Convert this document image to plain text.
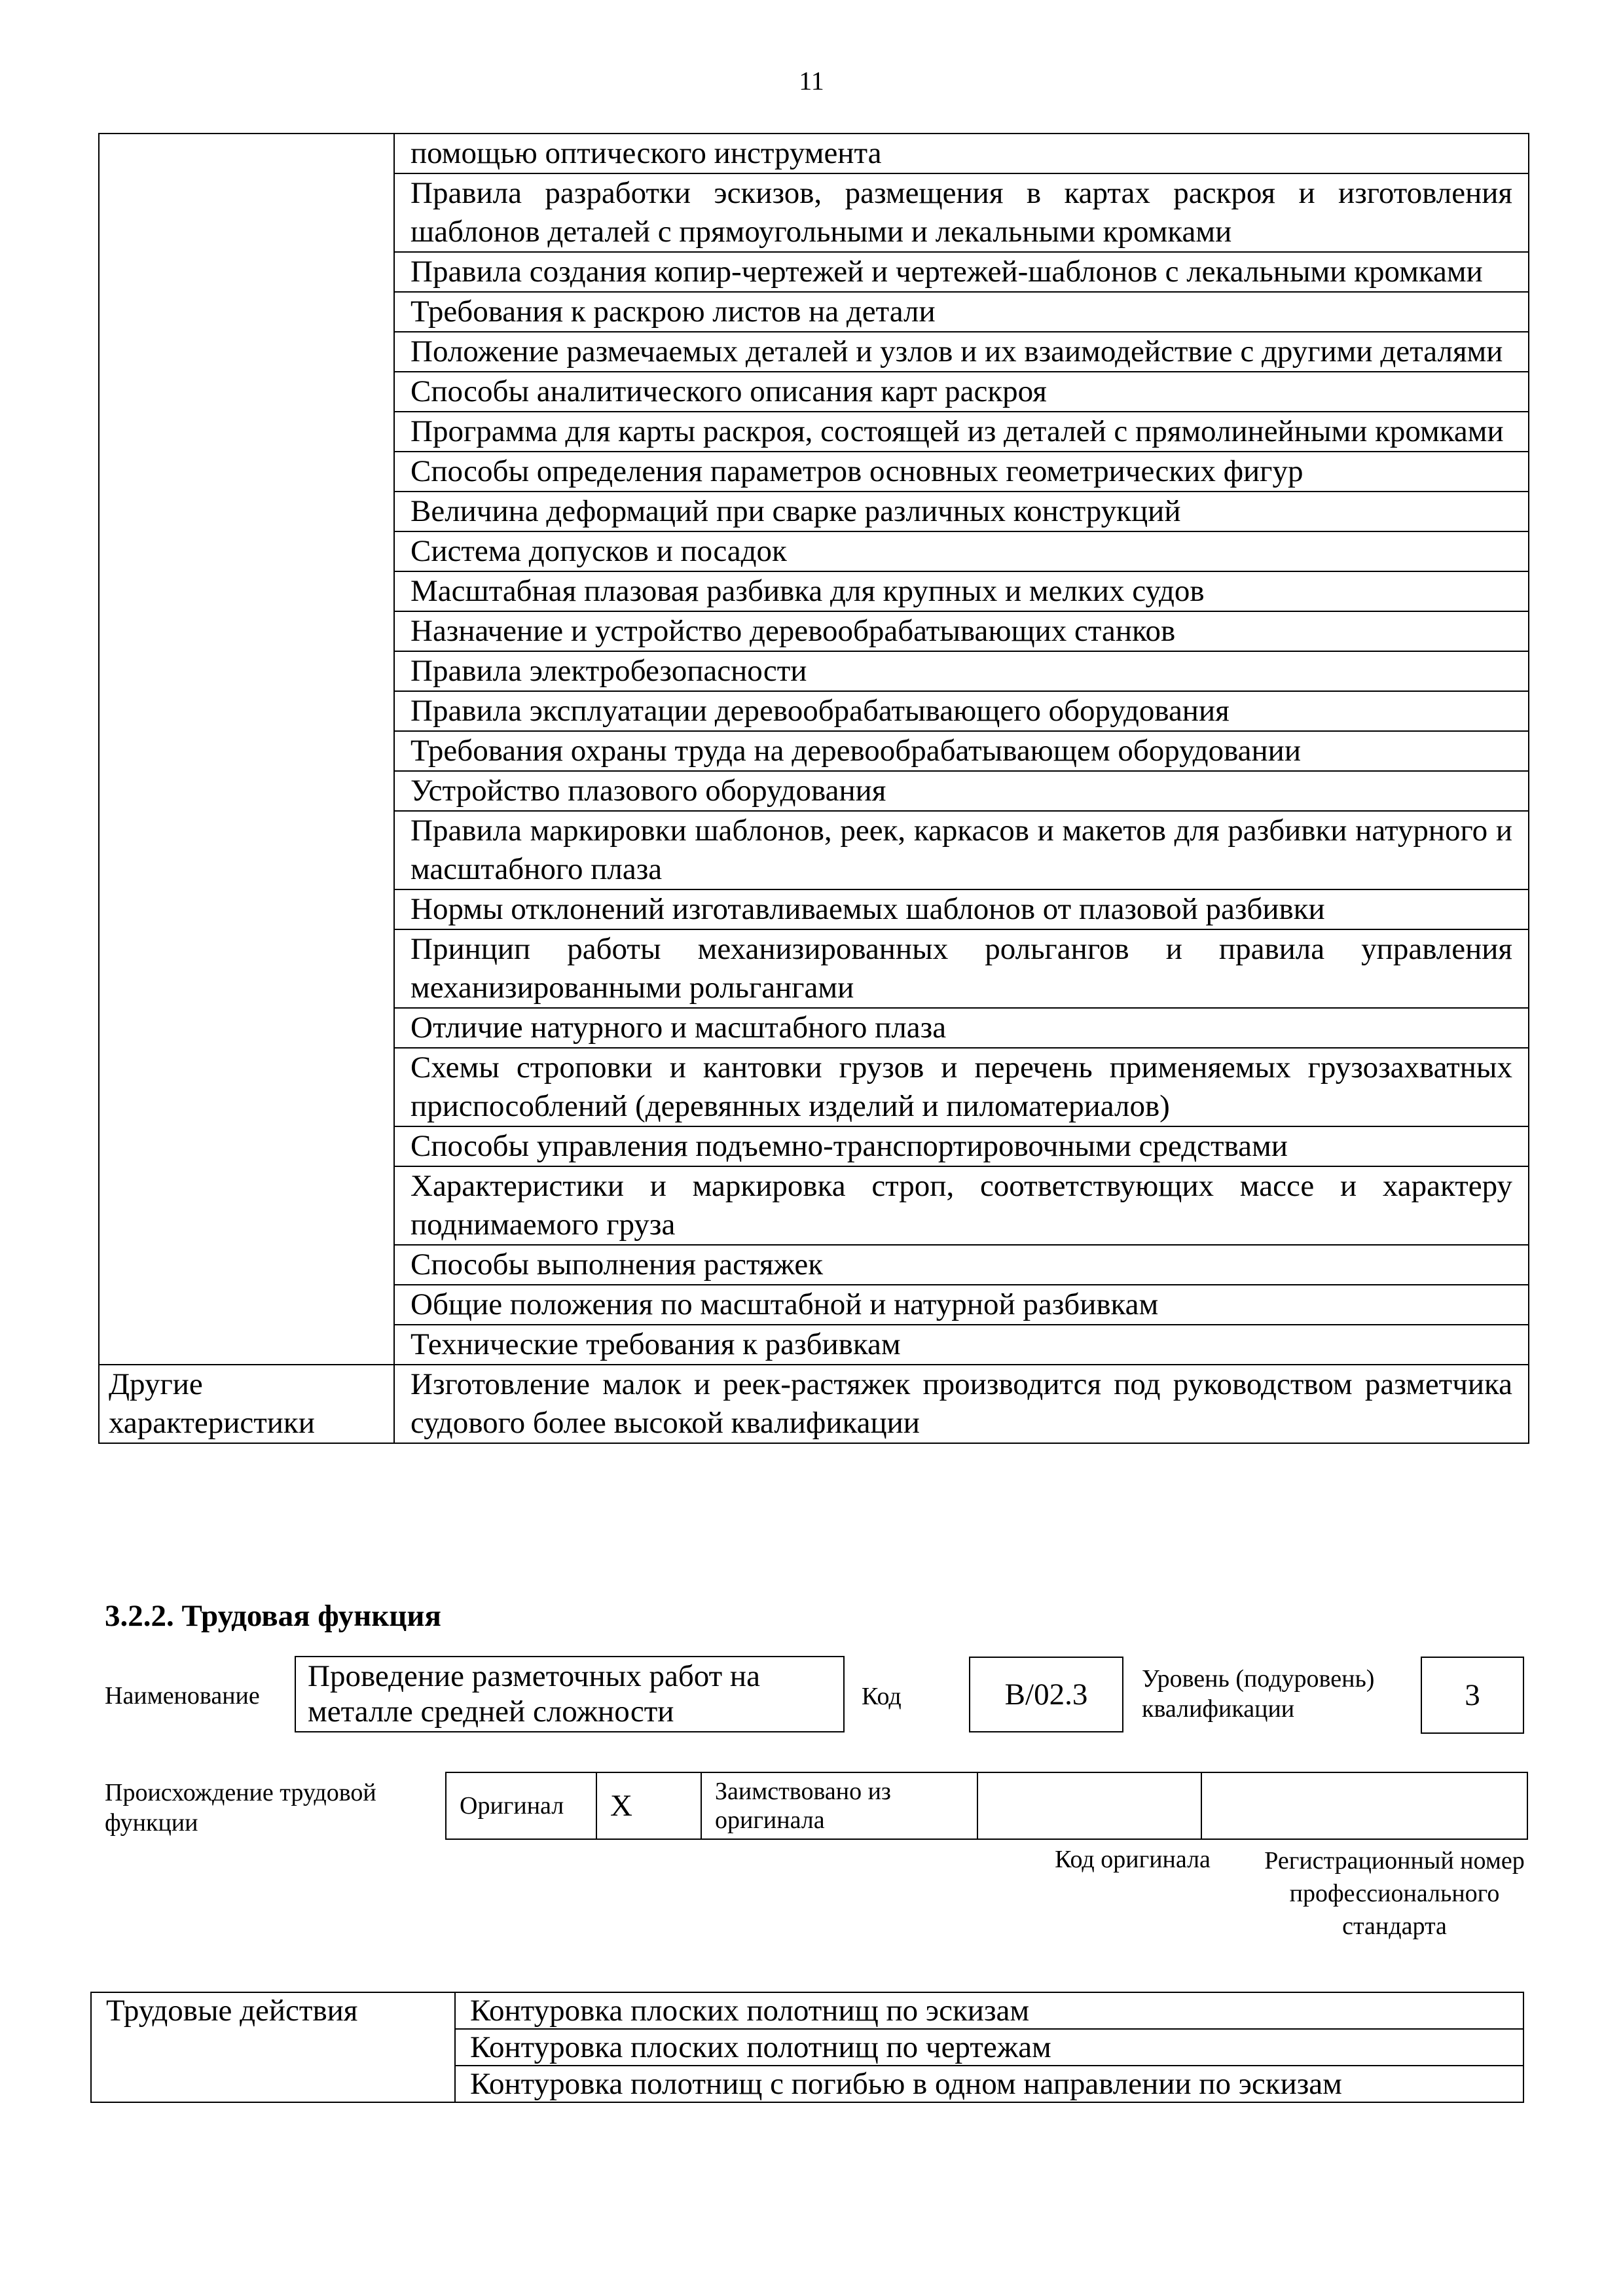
11
	помощью оптического инструмента
	Правила разработки эскизов, размещения в картах раскроя и изготовления шаблонов деталей с прямоугольными и лекальными кромками
	Правила создания копир-чертежей и чертежей-шаблонов с лекальными кромками
	Требования к раскрою листов на детали
	Положение размечаемых деталей и узлов и их взаимодействие с другими деталями
	Способы аналитического описания карт раскроя
	Программа для карты раскроя, состоящей из деталей с прямолинейными кромками
	Способы определения параметров основных геометрических фигур
	Величина деформаций при сварке различных конструкций
	Система допусков и посадок
	Масштабная плазовая разбивка для крупных и мелких судов
	Назначение и устройство деревообрабатывающих станков
	Правила электробезопасности
	Правила эксплуатации деревообрабатывающего оборудования
	Требования охраны труда на деревообрабатывающем оборудовании
	Устройство плазового оборудования
	Правила маркировки шаблонов, реек, каркасов и макетов для разбивки натурного и масштабного плаза
	Нормы отклонений изготавливаемых шаблонов от плазовой разбивки
	Принцип работы механизированных рольгангов и правила управления механизированными рольгангами
	Отличие натурного и масштабного плаза
	Схемы строповки и кантовки грузов и перечень применяемых грузозахватных приспособлений (деревянных изделий и пиломатериалов)
	Способы управления подъемно-транспортировочными средствами
	Характеристики и маркировка строп, соответствующих массе и характеру поднимаемого груза
	Способы выполнения растяжек
	Общие положения по масштабной и натурной разбивкам
	Технические требования к разбивкам
Другие характеристики	Изготовление малок и реек-растяжек производится под руководством разметчика судового более высокой квалификации
3.2.2. Трудовая функция
Наименование
Проведение разметочных работ на металле средней сложности	Код	B/02.3	Уровень (подуровень) квалификации	3
Происхождение трудовой функции
Оригинал	X	Заимствовано из оригинала		
Код оригинала	Регистрационный номер профессионального стандарта
Трудовые действия	Контуровка плоских полотнищ по эскизам
Контуровка плоских полотнищ по чертежам
Контуровка полотнищ с погибью в одном направлении по эскизам
